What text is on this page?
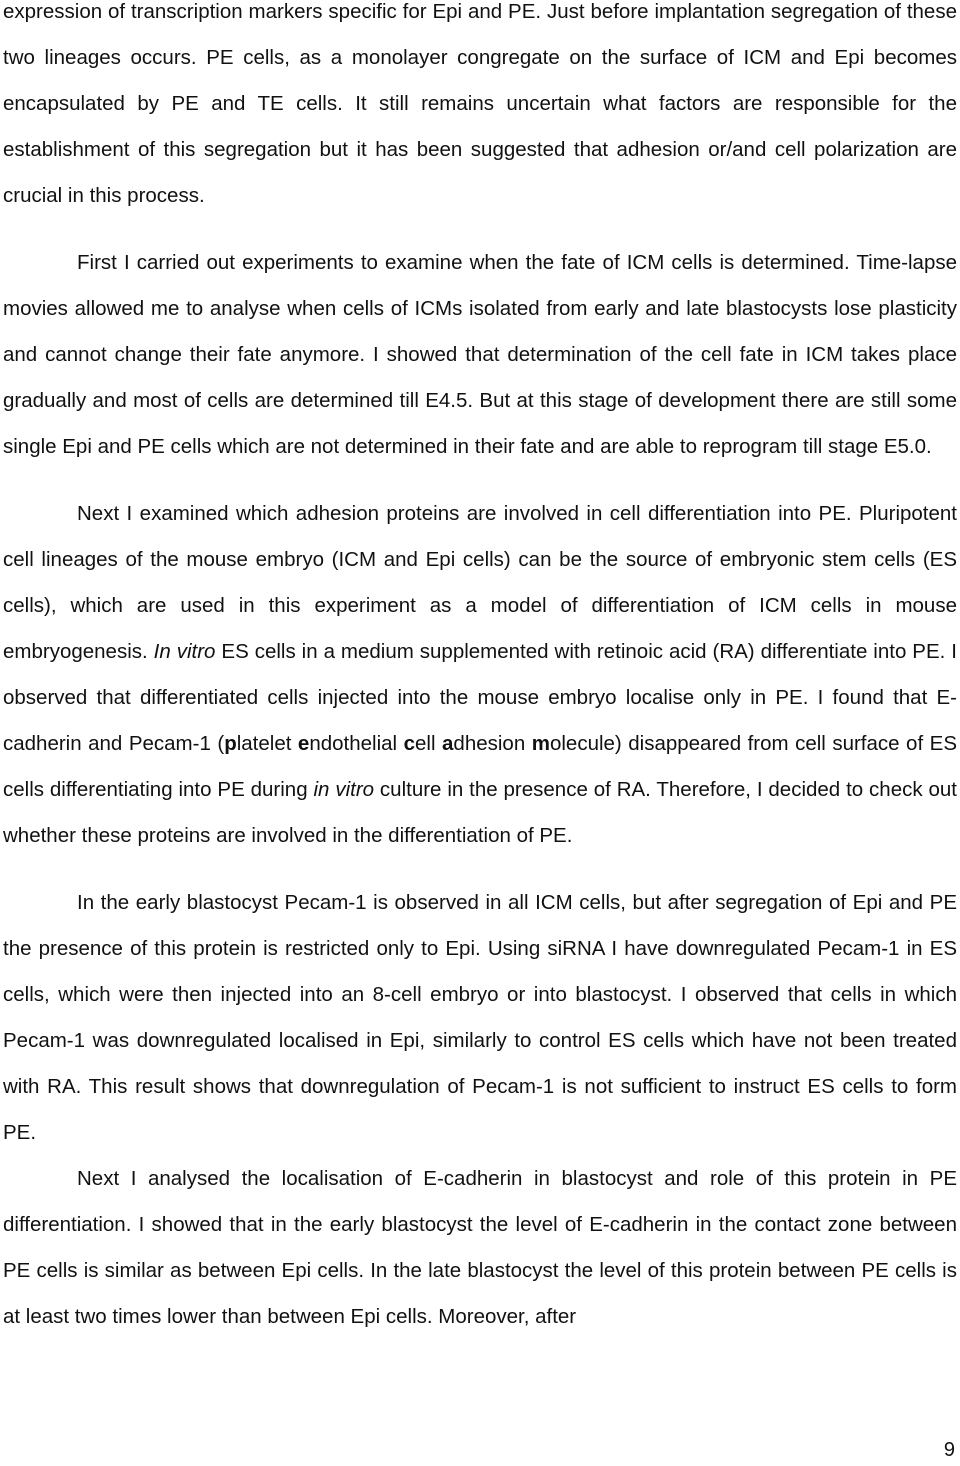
expression of transcription markers specific for Epi and PE. Just before implantation segregation of these two lineages occurs. PE cells, as a monolayer congregate on the surface of ICM and Epi becomes encapsulated by PE and TE cells. It still remains uncertain what factors are responsible for the establishment of this segregation but it has been suggested that adhesion or/and cell polarization are crucial in this process.

First I carried out experiments to examine when the fate of ICM cells is determined. Time-lapse movies allowed me to analyse when cells of ICMs isolated from early and late blastocysts lose plasticity and cannot change their fate anymore. I showed that determination of the cell fate in ICM takes place gradually and most of cells are determined till E4.5. But at this stage of development there are still some single Epi and PE cells which are not determined in their fate and are able to reprogram till stage E5.0.

Next I examined which adhesion proteins are involved in cell differentiation into PE. Pluripotent cell lineages of the mouse embryo (ICM and Epi cells) can be the source of embryonic stem cells (ES cells), which are used in this experiment as a model of differentiation of ICM cells in mouse embryogenesis. In vitro ES cells in a medium supplemented with retinoic acid (RA) differentiate into PE. I observed that differentiated cells injected into the mouse embryo localise only in PE. I found that E-cadherin and Pecam-1 (platelet endothelial cell adhesion molecule) disappeared from cell surface of ES cells differentiating into PE during in vitro culture in the presence of RA. Therefore, I decided to check out whether these proteins are involved in the differentiation of PE.

In the early blastocyst Pecam-1 is observed in all ICM cells, but after segregation of Epi and PE the presence of this protein is restricted only to Epi. Using siRNA I have downregulated Pecam-1 in ES cells, which were then injected into an 8-cell embryo or into blastocyst. I observed that cells in which Pecam-1 was downregulated localised in Epi, similarly to control ES cells which have not been treated with RA. This result shows that downregulation of Pecam-1 is not sufficient to instruct ES cells to form PE.

Next I analysed the localisation of E-cadherin in blastocyst and role of this protein in PE differentiation. I showed that in the early blastocyst the level of E-cadherin in the contact zone between PE cells is similar as between Epi cells. In the late blastocyst the level of this protein between PE cells is at least two times lower than between Epi cells. Moreover, after

9
